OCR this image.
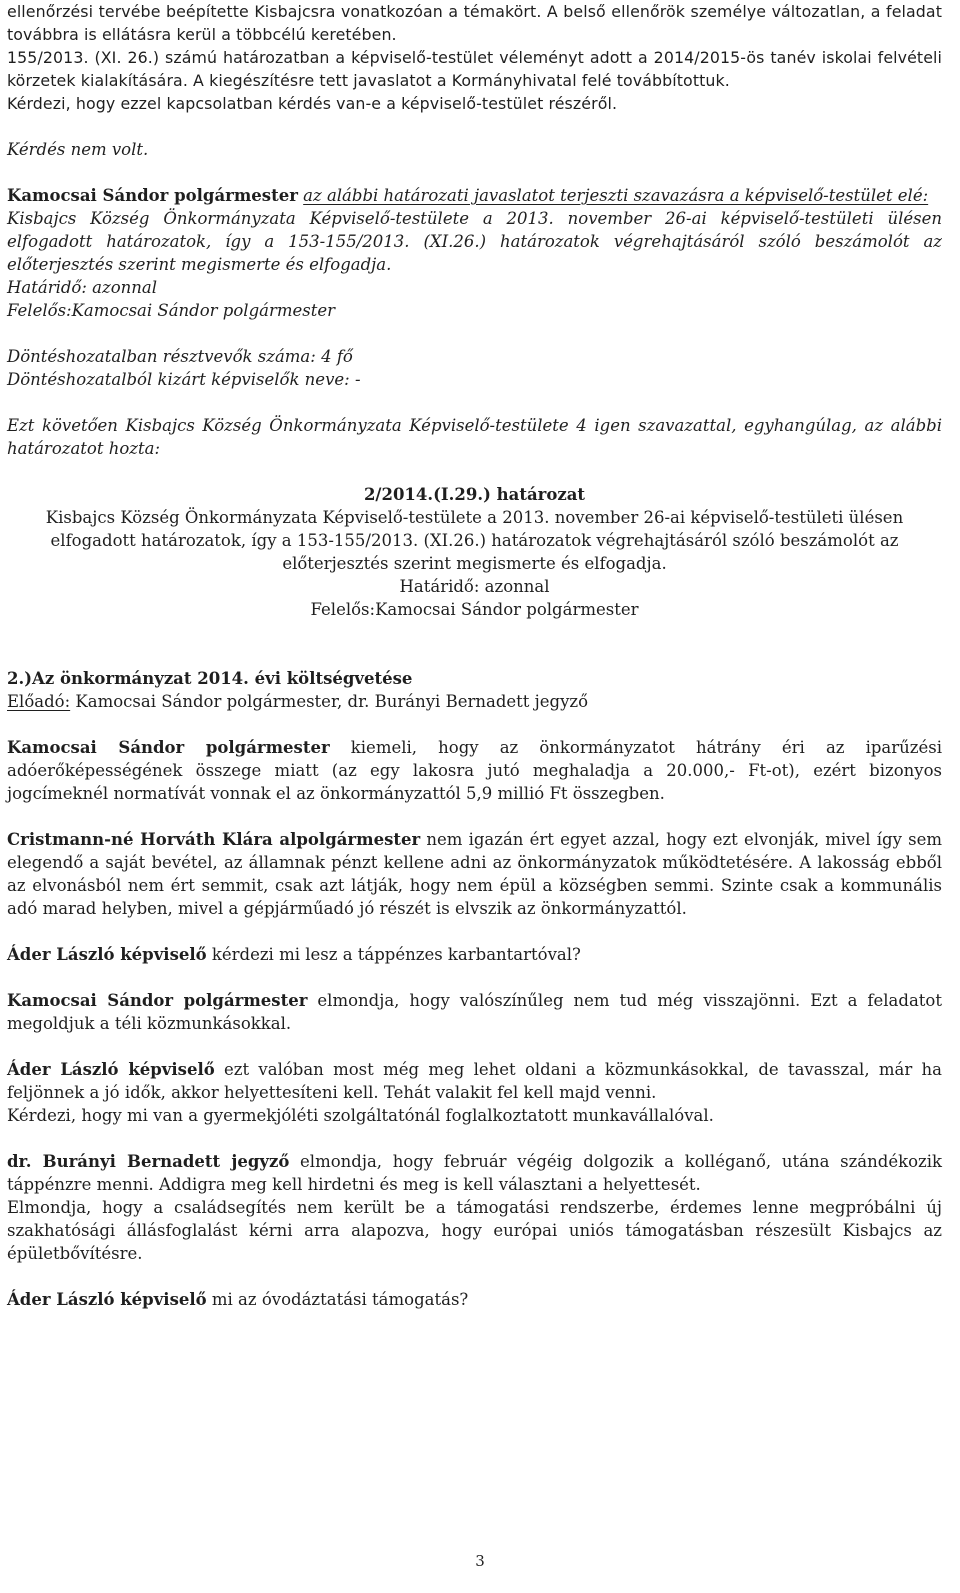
ellenőrzési tervébe beépítette Kisbajcsra vonatkozóan a témakört. A belső ellenőrök személye változatlan, a feladat továbbra is ellátásra kerül a többcélú keretében.

155/2013. (XI. 26.) számú határozatban a képviselő-testület véleményt adott a 2014/2015-ös tanév iskolai felvételi körzetek kialakítására. A kiegészítésre tett javaslatot a Kormányhivatal felé továbbítottuk.

Kérdezi, hogy ezzel kapcsolatban kérdés van-e a képviselő-testület részéről.

Kérdés nem volt.

Kamocsai Sándor polgármester az alábbi határozati javaslatot terjeszti szavazásra a képviselő-testület elé:

Kisbajcs Község Önkormányzata Képviselő-testülete a 2013. november 26-ai képviselő-testületi ülésen elfogadott határozatok, így a 153-155/2013. (XI.26.) határozatok végrehajtásáról szóló beszámolót az előterjesztés szerint megismerte és elfogadja.

Határidő: azonnal

Felelős:Kamocsai Sándor polgármester

Döntéshozatalban résztvevők száma: 4 fő

Döntéshozatalból kizárt képviselők neve: -

Ezt követően Kisbajcs Község Önkormányzata Képviselő-testülete 4 igen szavazattal, egyhangúlag, az alábbi határozatot hozta:

2/2014.(I.29.) határozat

Kisbajcs Község Önkormányzata Képviselő-testülete a 2013. november 26-ai képviselő-testületi ülésen elfogadott határozatok, így a 153-155/2013. (XI.26.) határozatok végrehajtásáról szóló beszámolót az előterjesztés szerint megismerte és elfogadja.

Határidő: azonnal

Felelős:Kamocsai Sándor polgármester

2.)Az önkormányzat 2014. évi költségvetése

Előadó: Kamocsai Sándor polgármester, dr. Burányi Bernadett jegyző

Kamocsai Sándor polgármester kiemeli, hogy az önkormányzatot hátrány éri az iparűzési adóerőképességének összege miatt (az egy lakosra jutó meghaladja a 20.000,- Ft-ot), ezért bizonyos jogcímeknél normatívát vonnak el az önkormányzattól 5,9 millió Ft összegben.

Cristmann-né Horváth Klára alpolgármester nem igazán ért egyet azzal, hogy ezt elvonják, mivel így sem elegendő a saját bevétel, az államnak pénzt kellene adni az önkormányzatok működtetésére. A lakosság ebből az elvonásból nem ért semmit, csak azt látják, hogy nem épül a községben semmi. Szinte csak a kommunális adó marad helyben, mivel a gépjárműadó jó részét is elvszik az önkormányzattól.

Áder László képviselő kérdezi mi lesz a táppénzes karbantartóval?

Kamocsai Sándor polgármester elmondja, hogy valószínűleg nem tud még visszajönni. Ezt a feladatot megoldjuk a téli közmunkásokkal.

Áder László képviselő ezt valóban most még meg lehet oldani a közmunkásokkal, de tavasszal, már ha feljönnek a jó idők, akkor helyettesíteni kell. Tehát valakit fel kell majd venni.

Kérdezi, hogy mi van a gyermekjóléti szolgáltatónál foglalkoztatott munkavállalóval.

dr. Burányi Bernadett jegyző elmondja, hogy február végéig dolgozik a kolléganő, utána szándékozik táppénzre menni. Addigra meg kell hirdetni és meg is kell választani a helyettesét.

Elmondja, hogy a családsegítés nem került be a támogatási rendszerbe, érdemes lenne megpróbálni új szakhatósági állásfoglalást kérni arra alapozva, hogy európai uniós támogatásban részesült Kisbajcs az épületbővítésre.

Áder László képviselő mi az óvodáztatási támogatás?

3
